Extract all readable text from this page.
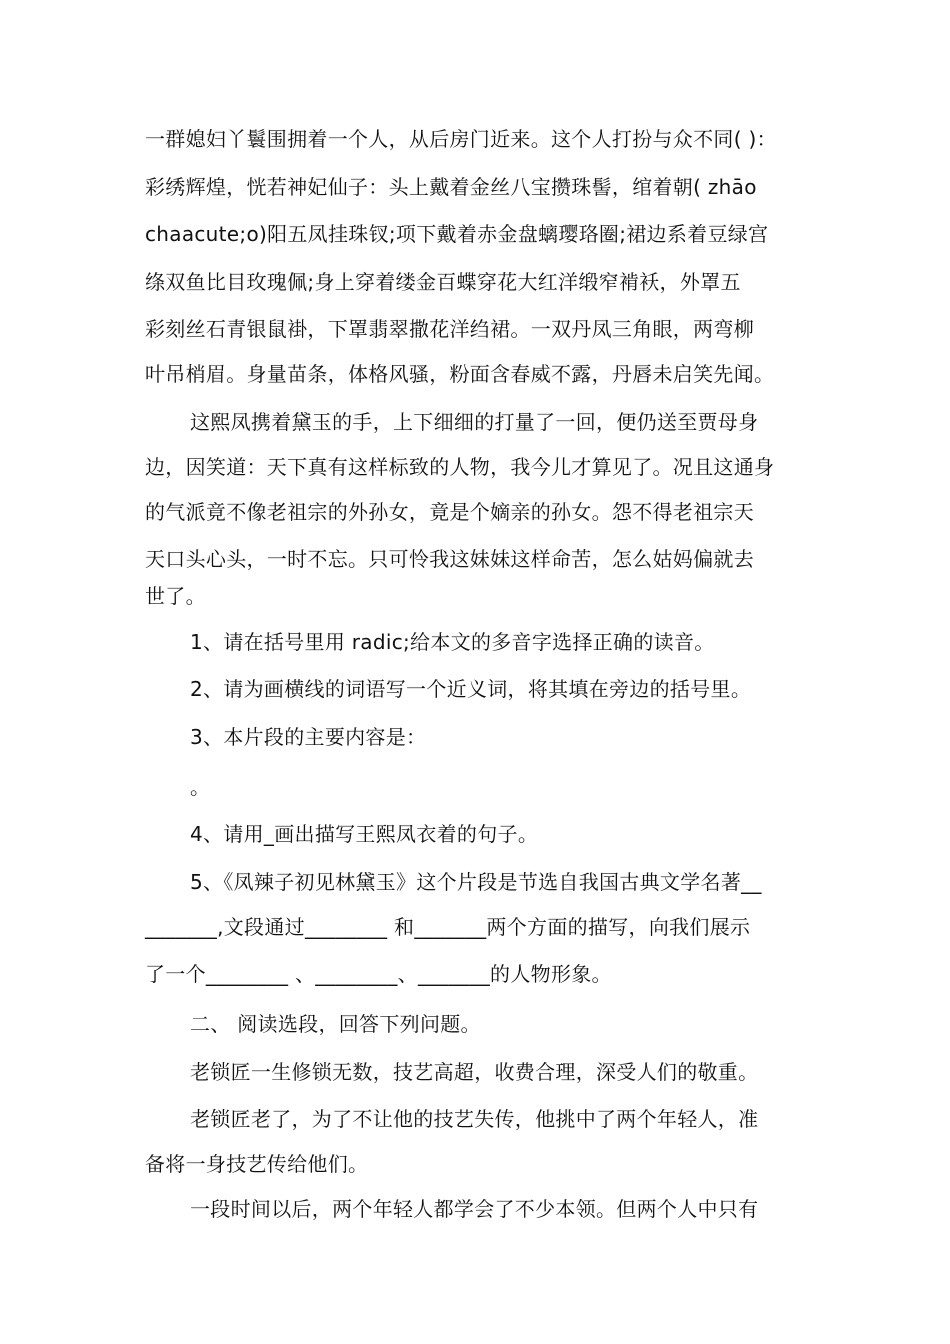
一群媳妇丫鬟围拥着一个人，从后房门近来。这个人打扮与众不同( )：
彩绣辉煌，恍若神妃仙子：头上戴着金丝八宝攒珠髻，绾着朝( zhāo
chaacute;o)阳五凤挂珠钗;项下戴着赤金盘螭璎珞圈;裙边系着豆绿宫
绦双鱼比目玫瑰佩;身上穿着缕金百蝶穿花大红洋缎窄褃袄，外罩五
彩刻丝石青银鼠褂，下罩翡翠撒花洋绉裙。一双丹凤三角眼，两弯柳
叶吊梢眉。身量苗条，体格风骚，粉面含春威不露，丹唇未启笑先闻。
这熙凤携着黛玉的手，上下细细的打量了一回，便仍送至贾母身
边，因笑道：天下真有这样标致的人物，我今儿才算见了。况且这通身
的气派竟不像老祖宗的外孙女，竟是个嫡亲的孙女。怨不得老祖宗天
天口头心头，一时不忘。只可怜我这妹妹这样命苦，怎么姑妈偏就去
世了。
1、请在括号里用 radic;给本文的多音字选择正确的读音。
2、请为画横线的词语写一个近义词，将其填在旁边的括号里。
3、本片段的主要内容是：
。
4、请用_画出描写王熙凤衣着的句子。
5、《凤辣子初见林黛玉》这个片段是节选自我国古典文学名著__
_______,文段通过________ 和_______两个方面的描写，向我们展示
了一个________ 、________、_______的人物形象。
二、 阅读选段，回答下列问题。
老锁匠一生修锁无数，技艺高超，收费合理，深受人们的敬重。
老锁匠老了，为了不让他的技艺失传，他挑中了两个年轻人，准
备将一身技艺传给他们。
一段时间以后，两个年轻人都学会了不少本领。但两个人中只有
